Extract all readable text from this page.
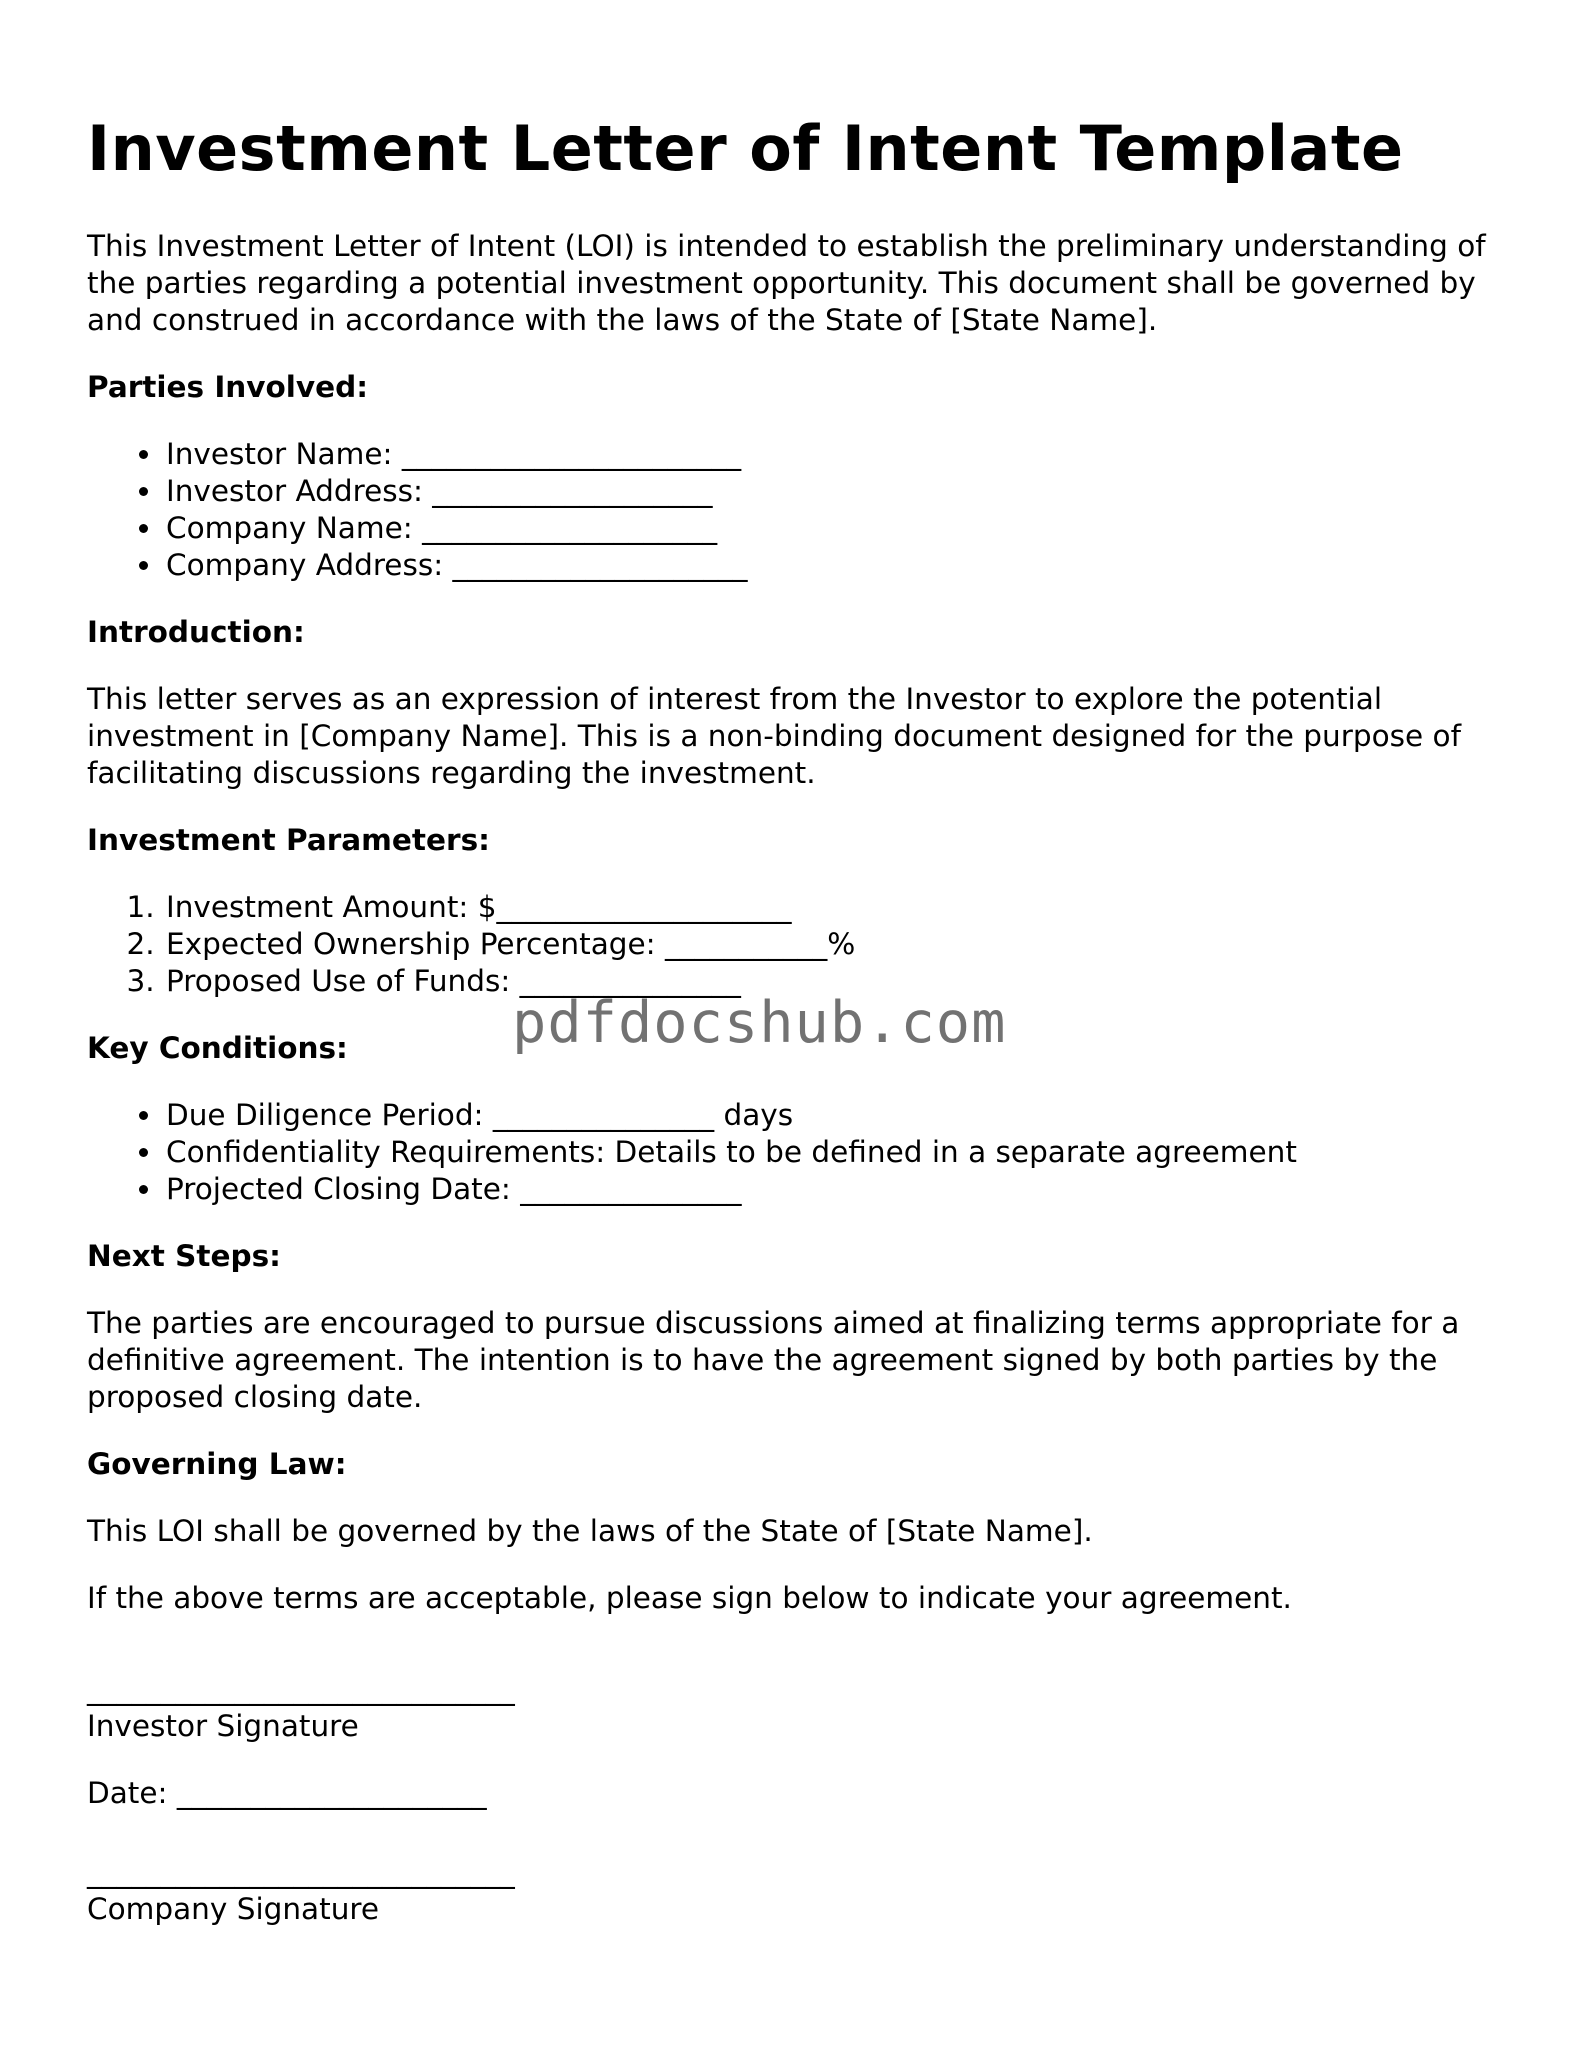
Investment Letter of Intent Template

This Investment Letter of Intent (LOI) is intended to establish the preliminary understanding of the parties regarding a potential investment opportunity. This document shall be governed by and construed in accordance with the laws of the State of [State Name].

Parties Involved:
• Investor Name: _______________________
• Investor Address: ___________________
• Company Name: ____________________
• Company Address: ____________________
Introduction:

This letter serves as an expression of interest from the Investor to explore the potential investment in [Company Name]. This is a non-binding document designed for the purpose of facilitating discussions regarding the investment.

Investment Parameters:
1. Investment Amount: $____________________
2. Expected Ownership Percentage: ___________%
3. Proposed Use of Funds: _______________
Key Conditions:
• Due Diligence Period: _______________ days
• Confidentiality Requirements: Details to be defined in a separate agreement
• Projected Closing Date: _______________
Next Steps:

The parties are encouraged to pursue discussions aimed at finalizing terms appropriate for a definitive agreement. The intention is to have the agreement signed by both parties by the proposed closing date.

Governing Law:

This LOI shall be governed by the laws of the State of [State Name].

If the above terms are acceptable, please sign below to indicate your agreement.

_____________________________
Investor Signature
Date: _____________________
_____________________________
Company Signature
pdfdocshub.com
